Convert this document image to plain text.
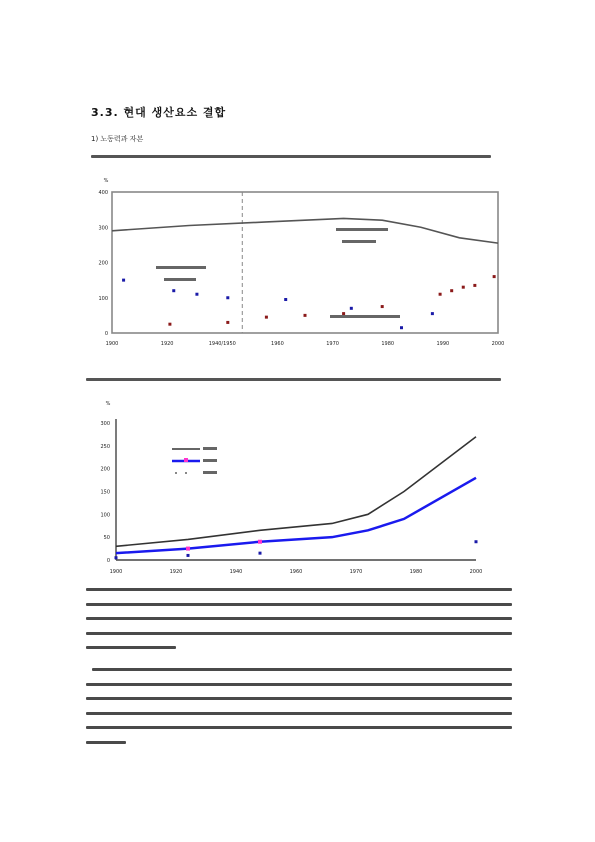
3.3. 현대 생산요소 결합
1) 노동력과 자본
%
0
100
200
300
400
1900	1920	1940/1950	1960	1970	1980	1990	2000
%
0
50
100
150
200
250
300
1900	1920	1940	1960	1970	1980	2000
